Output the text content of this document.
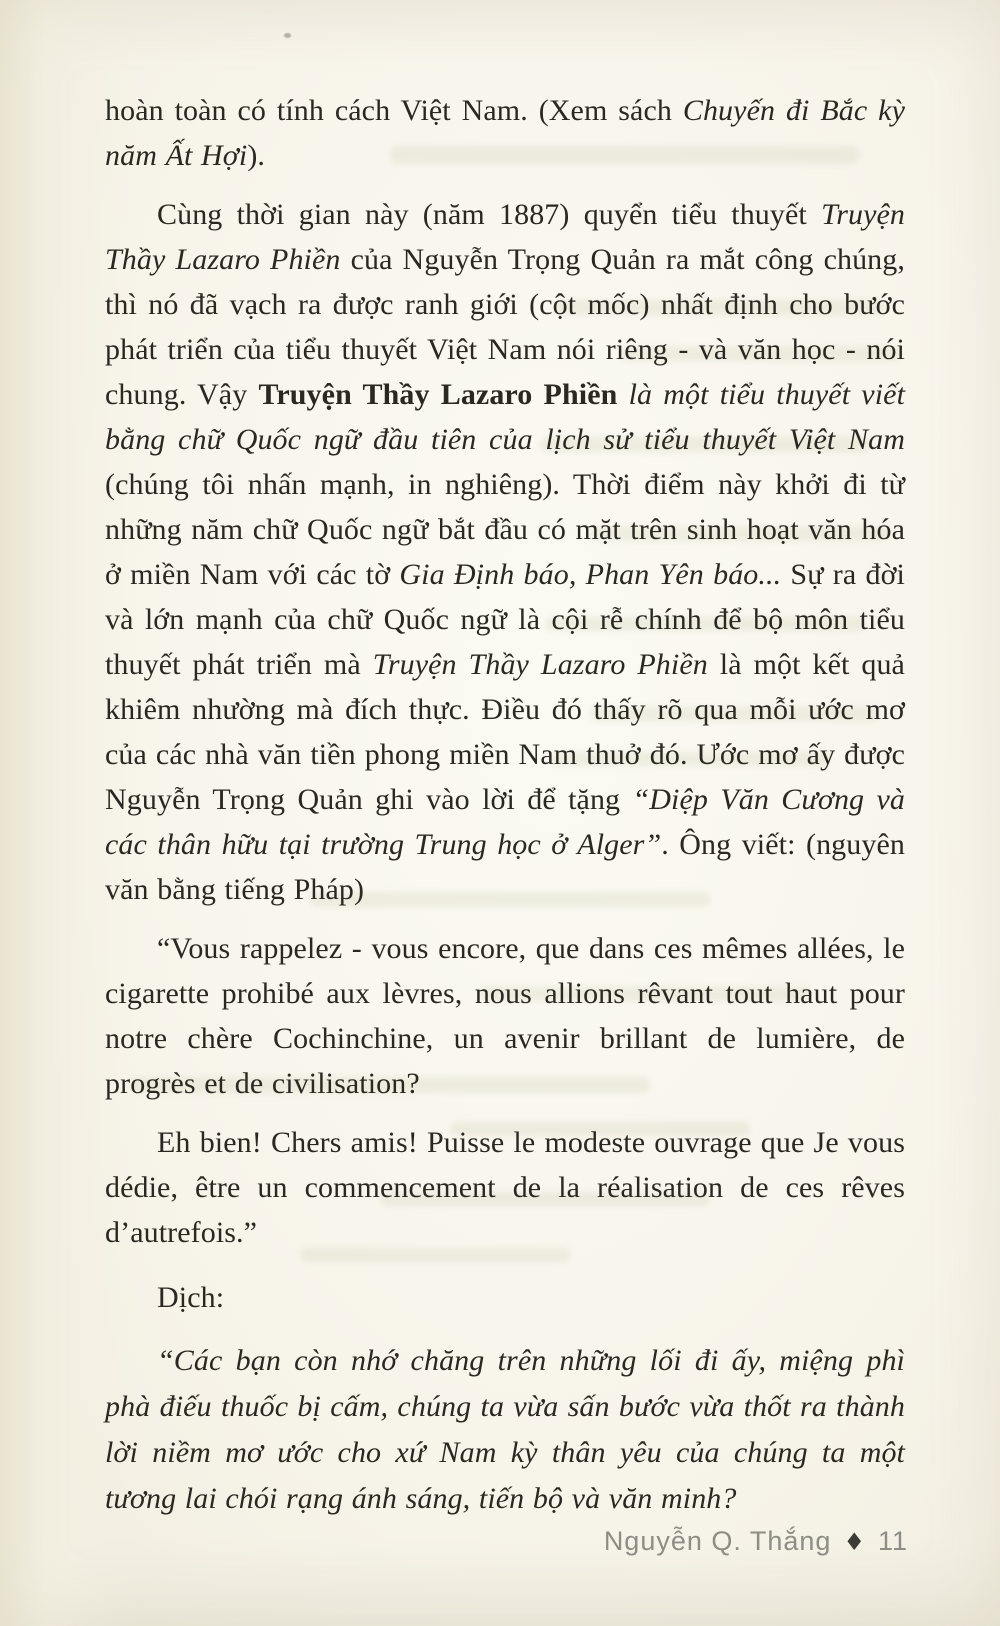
hoàn toàn có tính cách Việt Nam. (Xem sách Chuyến đi Bắc kỳ năm Ất Hợi).

Cùng thời gian này (năm 1887) quyển tiểu thuyết Truyện Thầy Lazaro Phiền của Nguyễn Trọng Quản ra mắt công chúng, thì nó đã vạch ra được ranh giới (cột mốc) nhất định cho bước phát triển của tiểu thuyết Việt Nam nói riêng - và văn học - nói chung. Vậy Truyện Thầy Lazaro Phiền là một tiểu thuyết viết bằng chữ Quốc ngữ đầu tiên của lịch sử tiểu thuyết Việt Nam (chúng tôi nhấn mạnh, in nghiêng). Thời điểm này khởi đi từ những năm chữ Quốc ngữ bắt đầu có mặt trên sinh hoạt văn hóa ở miền Nam với các tờ Gia Định báo, Phan Yên báo... Sự ra đời và lớn mạnh của chữ Quốc ngữ là cội rễ chính để bộ môn tiểu thuyết phát triển mà Truyện Thầy Lazaro Phiền là một kết quả khiêm nhường mà đích thực. Điều đó thấy rõ qua mỗi ước mơ của các nhà văn tiền phong miền Nam thuở đó. Ước mơ ấy được Nguyễn Trọng Quản ghi vào lời để tặng “Diệp Văn Cương và các thân hữu tại trường Trung học ở Alger”. Ông viết: (nguyên văn bằng tiếng Pháp)

“Vous rappelez - vous encore, que dans ces mêmes allées, le cigarette prohibé aux lèvres, nous allions rêvant tout haut pour notre chère Cochinchine, un avenir brillant de lumière, de progrès et de civilisation?

Eh bien! Chers amis! Puisse le modeste ouvrage que Je vous dédie, être un commencement de la réalisation de ces rêves d’autrefois.”

Dịch:

“Các bạn còn nhớ chăng trên những lối đi ấy, miệng phì phà điếu thuốc bị cấm, chúng ta vừa sấn bước vừa thốt ra thành lời niềm mơ ước cho xứ Nam kỳ thân yêu của chúng ta một tương lai chói rạng ánh sáng, tiến bộ và văn minh?

Nguyễn Q. Thắng ♦ 11
